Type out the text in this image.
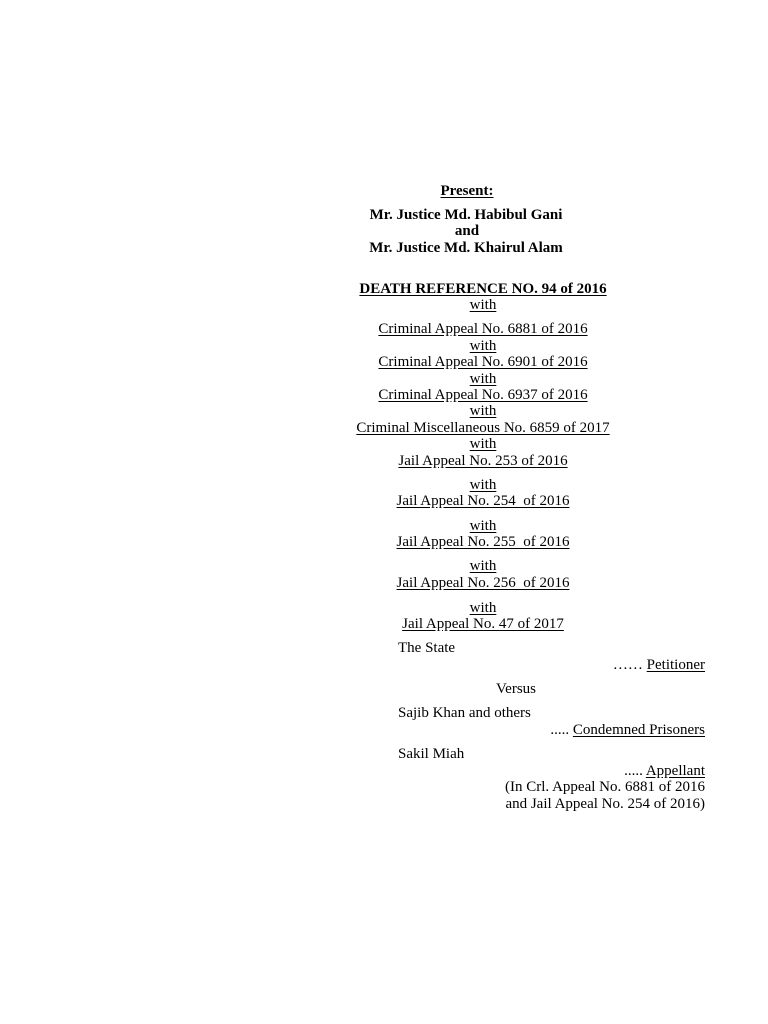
Present:
Mr. Justice Md. Habibul Gani
and
Mr. Justice Md. Khairul Alam
DEATH REFERENCE NO. 94 of 2016
with
Criminal Appeal No. 6881 of 2016
with
Criminal Appeal No. 6901 of 2016
with
Criminal Appeal No. 6937 of 2016
with
Criminal Miscellaneous No. 6859 of 2017
with
Jail Appeal No. 253 of 2016
with
Jail Appeal No. 254  of 2016
with
Jail Appeal No. 255  of 2016
with
Jail Appeal No. 256  of 2016
with
Jail Appeal No. 47 of 2017
The State
…… Petitioner
Versus
Sajib Khan and others
..... Condemned Prisoners
Sakil Miah
..... Appellant
(In Crl. Appeal No. 6881 of 2016
and Jail Appeal No. 254 of 2016)
